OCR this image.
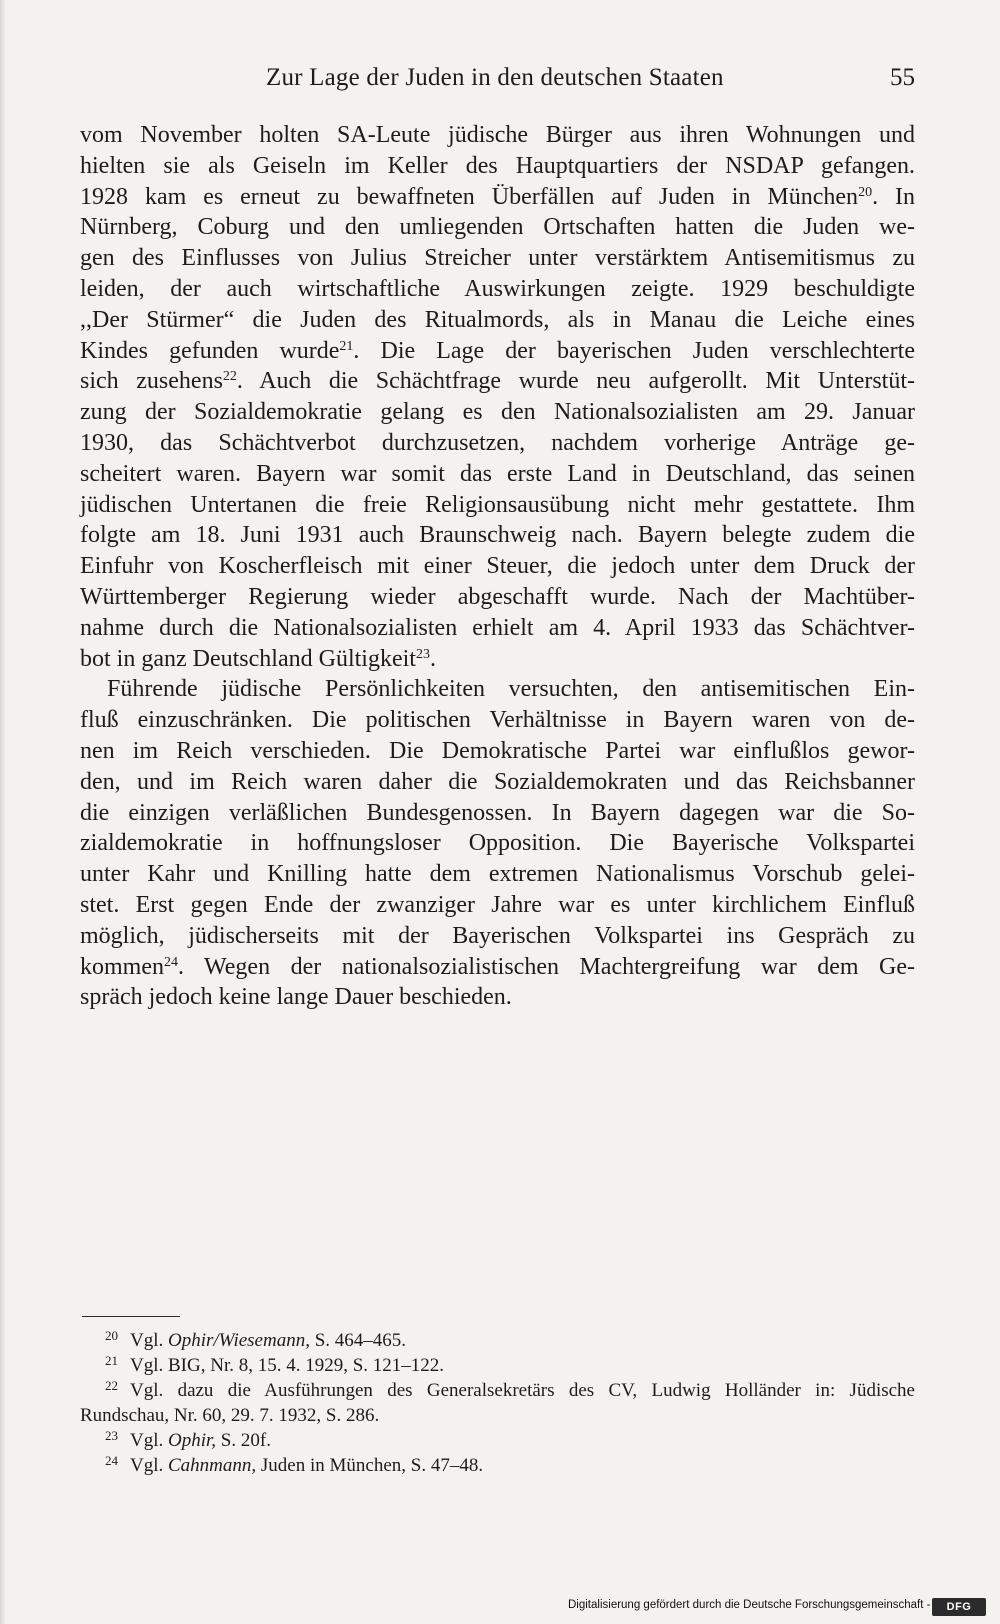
Zur Lage der Juden in den deutschen Staaten	55
vom November holten SA-Leute jüdische Bürger aus ihren Wohnungen und
hielten sie als Geiseln im Keller des Hauptquartiers der NSDAP gefangen.
1928 kam es erneut zu bewaffneten Überfällen auf Juden in München$^{20}$. In
Nürnberg, Coburg und den umliegenden Ortschaften hatten die Juden we-
gen des Einflusses von Julius Streicher unter verstärktem Antisemitismus zu
leiden, der auch wirtschaftliche Auswirkungen zeigte. 1929 beschuldigte
,,Der Stürmer“ die Juden des Ritualmords, als in Manau die Leiche eines
Kindes gefunden wurde$^{21}$. Die Lage der bayerischen Juden verschlechterte
sich zusehens$^{22}$. Auch die Schächtfrage wurde neu aufgerollt. Mit Unterstüt-
zung der Sozialdemokratie gelang es den Nationalsozialisten am 29. Januar
1930, das Schächtverbot durchzusetzen, nachdem vorherige Anträge ge-
scheitert waren. Bayern war somit das erste Land in Deutschland, das seinen
jüdischen Untertanen die freie Religionsausübung nicht mehr gestattete. Ihm
folgte am 18. Juni 1931 auch Braunschweig nach. Bayern belegte zudem die
Einfuhr von Koscherfleisch mit einer Steuer, die jedoch unter dem Druck der
Württemberger Regierung wieder abgeschafft wurde. Nach der Machtüber-
nahme durch die Nationalsozialisten erhielt am 4. April 1933 das Schächtver-
bot in ganz Deutschland Gültigkeit$^{23}$.
Führende jüdische Persönlichkeiten versuchten, den antisemitischen Ein-
fluß einzuschränken. Die politischen Verhältnisse in Bayern waren von de-
nen im Reich verschieden. Die Demokratische Partei war einflußlos gewor-
den, und im Reich waren daher die Sozialdemokraten und das Reichsbanner
die einzigen verläßlichen Bundesgenossen. In Bayern dagegen war die So-
zialdemokratie in hoffnungsloser Opposition. Die Bayerische Volkspartei
unter Kahr und Knilling hatte dem extremen Nationalismus Vorschub gelei-
stet. Erst gegen Ende der zwanziger Jahre war es unter kirchlichem Einfluß
möglich, jüdischerseits mit der Bayerischen Volkspartei ins Gespräch zu
kommen$^{24}$. Wegen der nationalsozialistischen Machtergreifung war dem Ge-
spräch jedoch keine lange Dauer beschieden.
20 Vgl. Ophir/Wiesemann, S. 464–465.
21 Vgl. BIG, Nr. 8, 15. 4. 1929, S. 121–122.
22 Vgl. dazu die Ausführungen des Generalsekretärs des CV, Ludwig Holländer in: Jüdische
Rundschau, Nr. 60, 29. 7. 1932, S. 286.
23 Vgl. Ophir, S. 20f.
24 Vgl. Cahnmann, Juden in München, S. 47–48.
Digitalisierung gefördert durch die Deutsche Forschungsgemeinschaft -	DFG
